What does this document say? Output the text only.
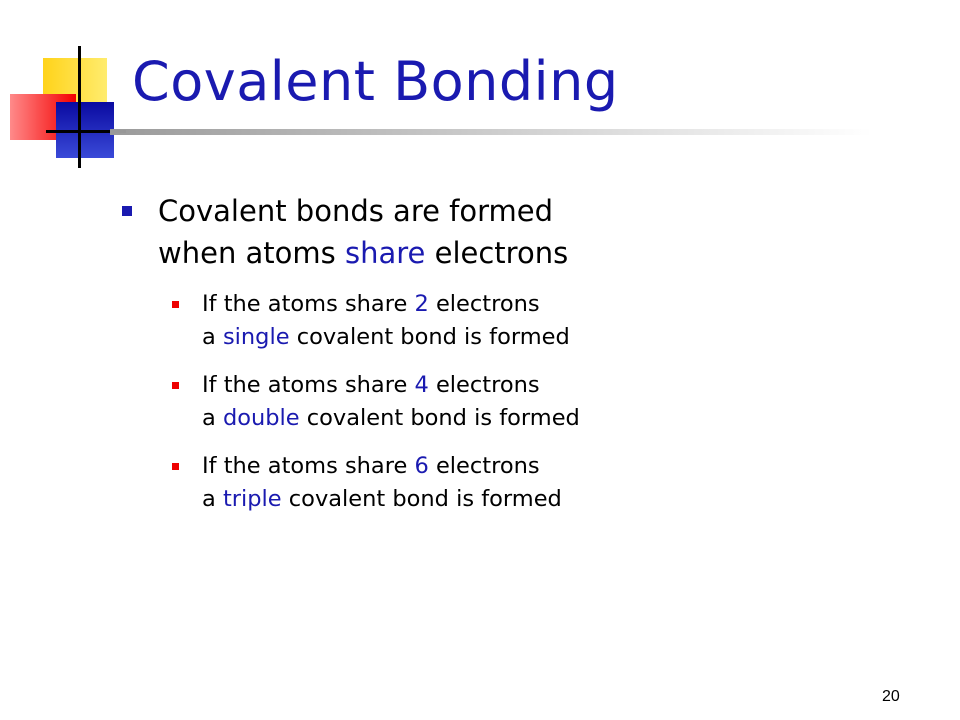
Covalent Bonding
Covalent bonds are formed
when atoms share electrons
If the atoms share 2 electrons
a single covalent bond is formed
If the atoms share 4 electrons
a double covalent bond is formed
If the atoms share 6 electrons
a triple covalent bond is formed
20
